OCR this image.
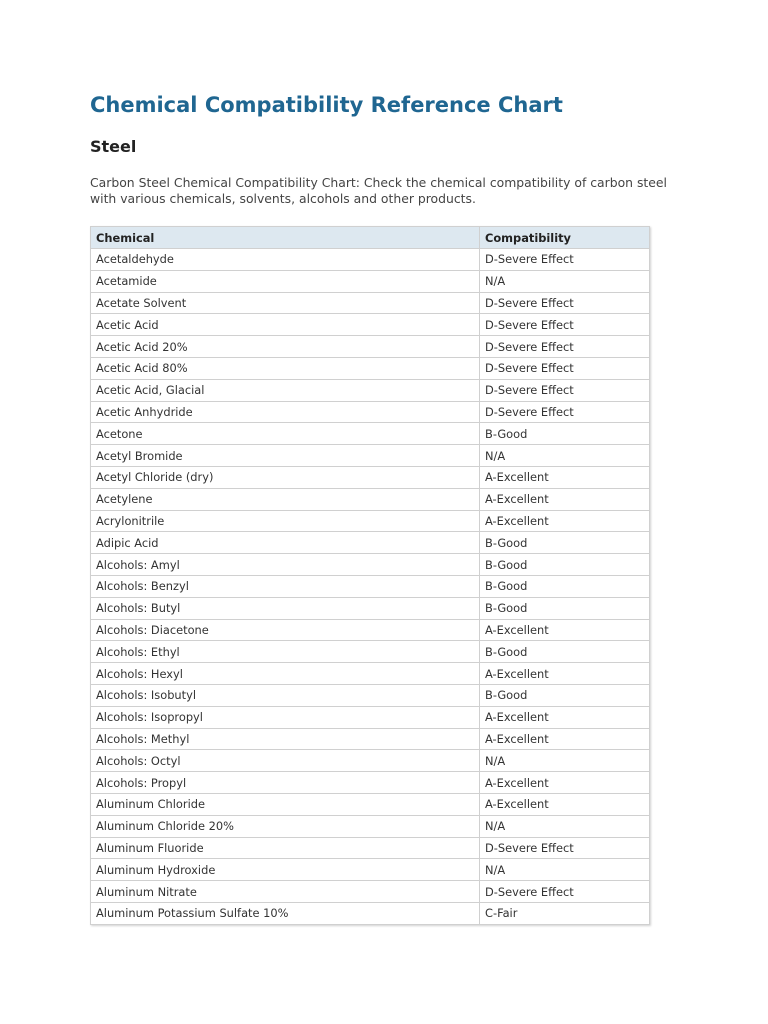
Chemical Compatibility Reference Chart
Steel

Carbon Steel Chemical Compatibility Chart: Check the chemical compatibility of carbon steel with various chemicals, solvents, alcohols and other products.

Chemical	Compatibility
Acetaldehyde	D-Severe Effect
Acetamide	N/A
Acetate Solvent	D-Severe Effect
Acetic Acid	D-Severe Effect
Acetic Acid 20%	D-Severe Effect
Acetic Acid 80%	D-Severe Effect
Acetic Acid, Glacial	D-Severe Effect
Acetic Anhydride	D-Severe Effect
Acetone	B-Good
Acetyl Bromide	N/A
Acetyl Chloride (dry)	A-Excellent
Acetylene	A-Excellent
Acrylonitrile	A-Excellent
Adipic Acid	B-Good
Alcohols: Amyl	B-Good
Alcohols: Benzyl	B-Good
Alcohols: Butyl	B-Good
Alcohols: Diacetone	A-Excellent
Alcohols: Ethyl	B-Good
Alcohols: Hexyl	A-Excellent
Alcohols: Isobutyl	B-Good
Alcohols: Isopropyl	A-Excellent
Alcohols: Methyl	A-Excellent
Alcohols: Octyl	N/A
Alcohols: Propyl	A-Excellent
Aluminum Chloride	A-Excellent
Aluminum Chloride 20%	N/A
Aluminum Fluoride	D-Severe Effect
Aluminum Hydroxide	N/A
Aluminum Nitrate	D-Severe Effect
Aluminum Potassium Sulfate 10%	C-Fair
